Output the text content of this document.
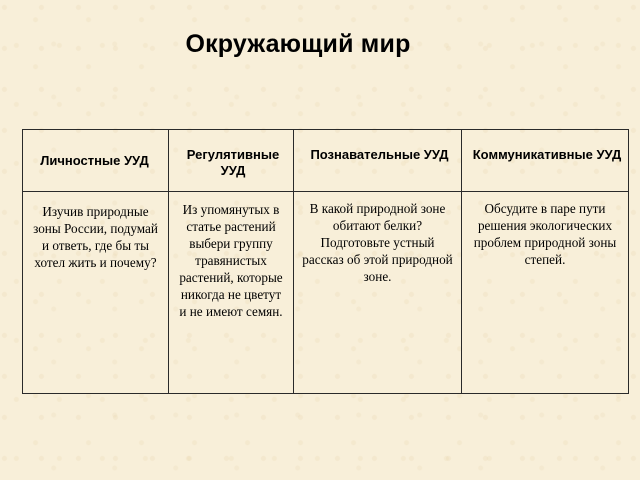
Окружающий мир
Личностные УУД	Регулятивные УУД	Познавательные УУД	Коммуникативные УУД

Изучив природные зоны России, подумай и ответь, где бы ты хотел жить и почему?	Из упомянутых в статье растений выбери группу травянистых растений, которые никогда не цветут и не имеют семян.	В какой природной зоне обитают белки? Подготовьте устный рассказ об этой природной зоне.	Обсудите в паре пути решения экологических проблем природной зоны степей.
